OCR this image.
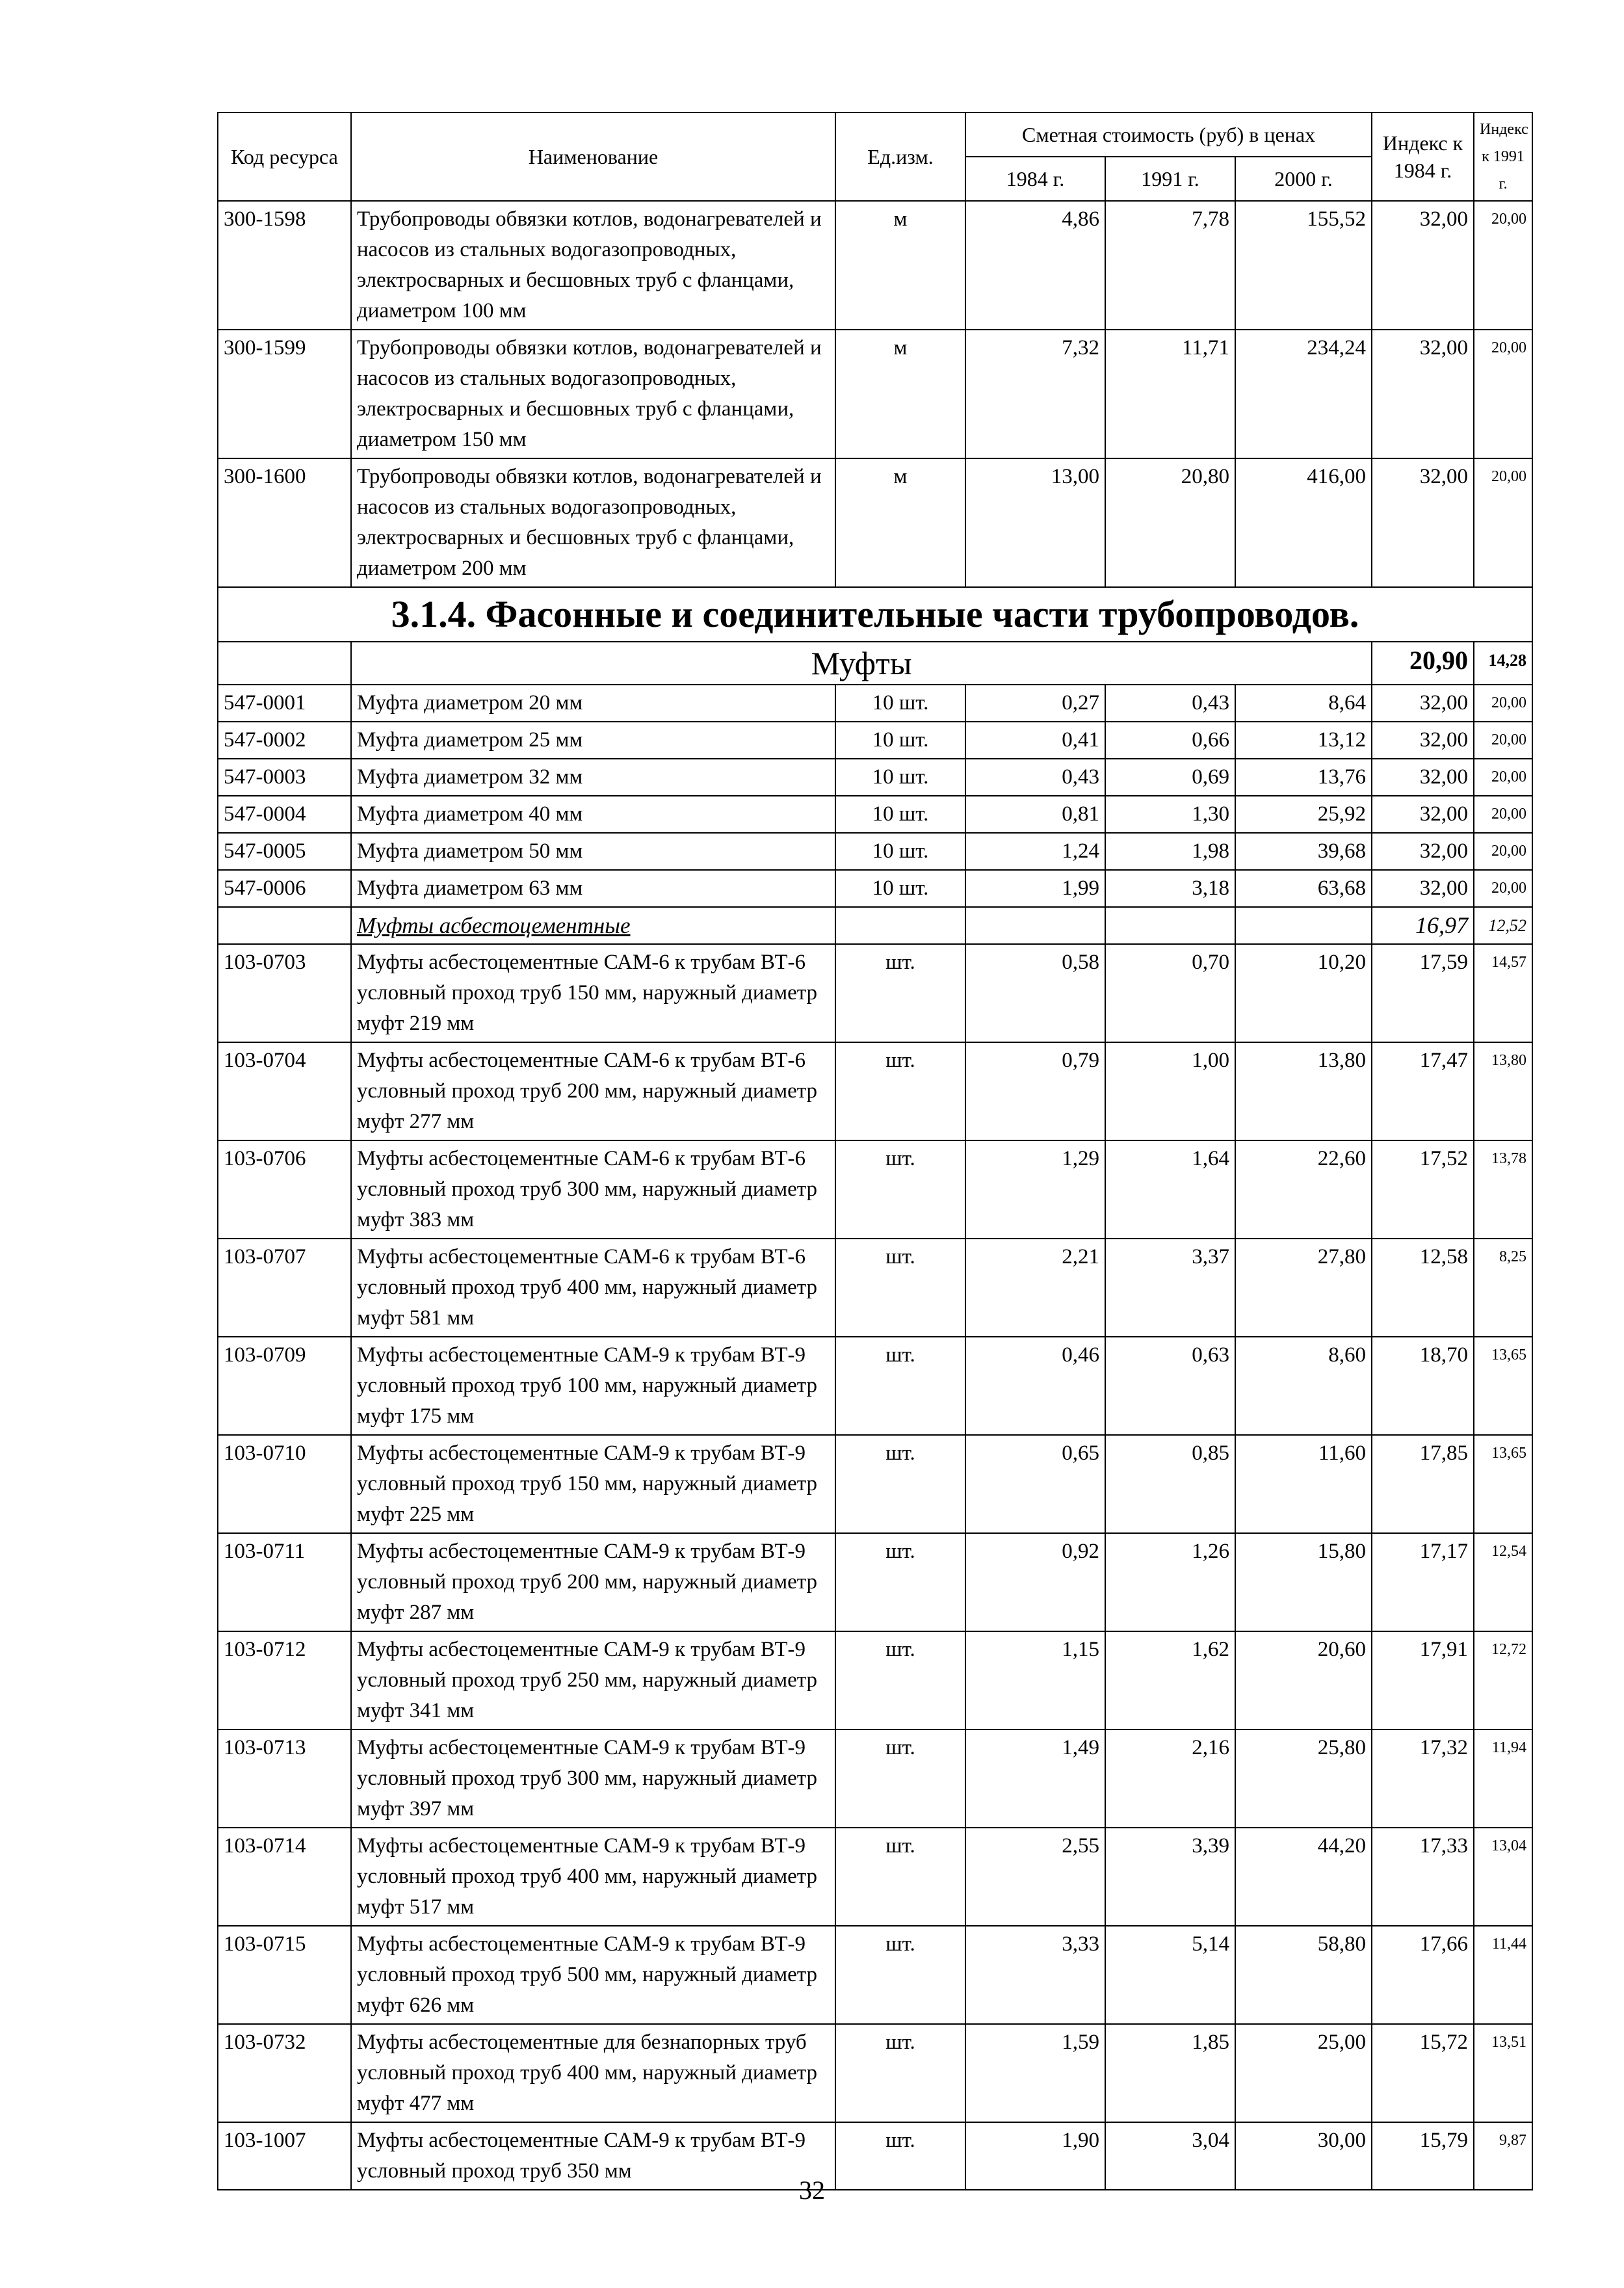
Код ресурса	Наименование	Ед.изм.	Сметная стоимость (руб) в ценах			Индекс к 1984 г.	Индекс к 1991 г.
			1984 г.	1991 г.	2000 г.		
300-1598	Трубопроводы обвязки котлов, водонагревателей и насосов из стальных водогазопроводных, электросварных и бесшовных труб с фланцами, диаметром 100 мм	м	4,86	7,78	155,52	32,00	20,00
300-1599	Трубопроводы обвязки котлов, водонагревателей и насосов из стальных водогазопроводных, электросварных и бесшовных труб с фланцами, диаметром 150 мм	м	7,32	11,71	234,24	32,00	20,00
300-1600	Трубопроводы обвязки котлов, водонагревателей и насосов из стальных водогазопроводных, электросварных и бесшовных труб с фланцами, диаметром 200 мм	м	13,00	20,80	416,00	32,00	20,00
3.1.4. Фасонные и соединительные части трубопроводов.							
	Муфты					20,90	14,28
547-0001	Муфта диаметром 20 мм	10 шт.	0,27	0,43	8,64	32,00	20,00
547-0002	Муфта диаметром 25 мм	10 шт.	0,41	0,66	13,12	32,00	20,00
547-0003	Муфта диаметром 32 мм	10 шт.	0,43	0,69	13,76	32,00	20,00
547-0004	Муфта диаметром 40 мм	10 шт.	0,81	1,30	25,92	32,00	20,00
547-0005	Муфта диаметром 50 мм	10 шт.	1,24	1,98	39,68	32,00	20,00
547-0006	Муфта диаметром 63 мм	10 шт.	1,99	3,18	63,68	32,00	20,00
	Муфты асбестоцементные					16,97	12,52
103-0703	Муфты асбестоцементные САМ-6 к трубам ВТ-6 условный проход труб 150 мм, наружный диаметр муфт 219 мм	шт.	0,58	0,70	10,20	17,59	14,57
103-0704	Муфты асбестоцементные САМ-6 к трубам ВТ-6 условный проход труб 200 мм, наружный диаметр муфт 277 мм	шт.	0,79	1,00	13,80	17,47	13,80
103-0706	Муфты асбестоцементные САМ-6 к трубам ВТ-6 условный проход труб 300 мм, наружный диаметр муфт 383 мм	шт.	1,29	1,64	22,60	17,52	13,78
103-0707	Муфты асбестоцементные САМ-6 к трубам ВТ-6 условный проход труб 400 мм, наружный диаметр муфт 581 мм	шт.	2,21	3,37	27,80	12,58	8,25
103-0709	Муфты асбестоцементные САМ-9 к трубам ВТ-9 условный проход труб 100 мм, наружный диаметр муфт 175 мм	шт.	0,46	0,63	8,60	18,70	13,65
103-0710	Муфты асбестоцементные САМ-9 к трубам ВТ-9 условный проход труб 150 мм, наружный диаметр муфт 225 мм	шт.	0,65	0,85	11,60	17,85	13,65
103-0711	Муфты асбестоцементные САМ-9 к трубам ВТ-9 условный проход труб 200 мм, наружный диаметр муфт 287 мм	шт.	0,92	1,26	15,80	17,17	12,54
103-0712	Муфты асбестоцементные САМ-9 к трубам ВТ-9 условный проход труб 250 мм, наружный диаметр муфт 341 мм	шт.	1,15	1,62	20,60	17,91	12,72
103-0713	Муфты асбестоцементные САМ-9 к трубам ВТ-9 условный проход труб 300 мм, наружный диаметр муфт 397 мм	шт.	1,49	2,16	25,80	17,32	11,94
103-0714	Муфты асбестоцементные САМ-9 к трубам ВТ-9 условный проход труб 400 мм, наружный диаметр муфт 517 мм	шт.	2,55	3,39	44,20	17,33	13,04
103-0715	Муфты асбестоцементные САМ-9 к трубам ВТ-9 условный проход труб 500 мм, наружный диаметр муфт 626 мм	шт.	3,33	5,14	58,80	17,66	11,44
103-0732	Муфты асбестоцементные для безнапорных труб условный проход труб 400 мм, наружный диаметр муфт 477 мм	шт.	1,59	1,85	25,00	15,72	13,51
103-1007	Муфты асбестоцементные САМ-9 к трубам ВТ-9 условный проход труб 350 мм	шт.	1,90	3,04	30,00	15,79	9,87
32
